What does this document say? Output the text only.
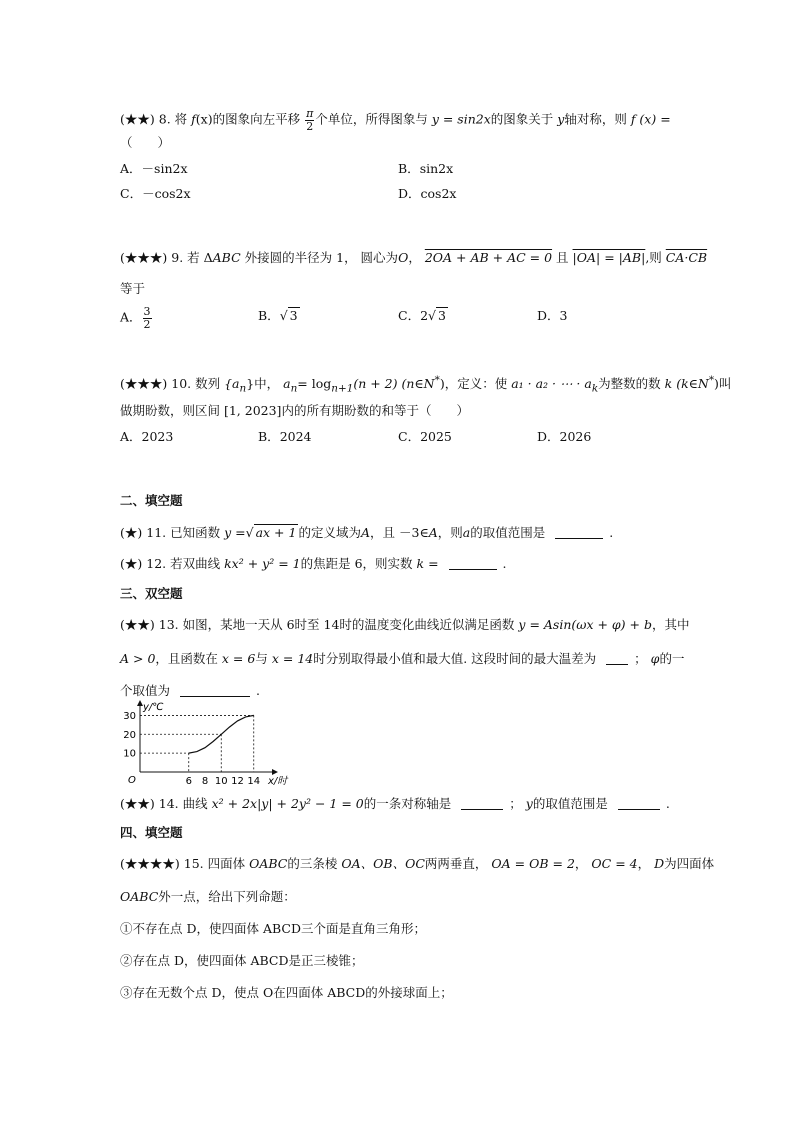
(★★) 8. 将 f(x)的图象向左平移 $\frac{\pi}{2}$ 个单位，所得图象与 y = sin2x的图象关于 y轴对称，则 f (x) =
（　　）
A．－sin2x	B．sin2x
C．－cos2x	D．cos2x
(★★★) 9. 若 ΔABC 外接圆的半径为 1， 圆心为O， 2OA + AB + AC = 0 且 |OA| = |AB|,则 CA·CB
等于
A． $\frac{3}{2}$	B．√ 3	C．2√ 3	D．3
(★★★) 10. 数列 $\{a_n\}$中， $a_n= \log_{n+1}(n + 2)$ (n∈N*)，定义：使 a₁ · a₂ · ⋯ · $a_k$为整数的数 k (k∈N*)叫
做期盼数，则区间 [1, 2023]内的所有期盼数的和等于（　　）
A．2023	B．2024	C．2025	D．2026
二、填空题
(★) 11. 已知函数 y =√ ax + 1 的定义域为A，且 －3∈A，则a的取值范围是	.
(★) 12. 若双曲线 kx² + y² = 1的焦距是 6，则实数 k =	.
三、双空题
(★★) 13. 如图，某地一天从 6时至 14时的温度变化曲线近似满足函数 y = Asin(ωx + φ) + b，其中
A > 0，且函数在 x = 6与 x = 14时分别取得最小值和最大值. 这段时间的最大温差为	； φ的一
个取值为	.
y/℃
x/时
O
10
20
30
6 8 10 12 14
(★★) 14. 曲线 x² + 2x|y| + 2y² − 1 = 0的一条对称轴是	； y的取值范围是	.
四、填空题
(★★★★) 15. 四面体 OABC的三条棱 OA、OB、OC两两垂直， OA = OB = 2， OC = 4， D为四面体
OABC外一点，给出下列命题：
①不存在点 D，使四面体 ABCD三个面是直角三角形；
②存在点 D，使四面体 ABCD是正三棱锥；
③存在无数个点 D，使点 O在四面体 ABCD的外接球面上；
